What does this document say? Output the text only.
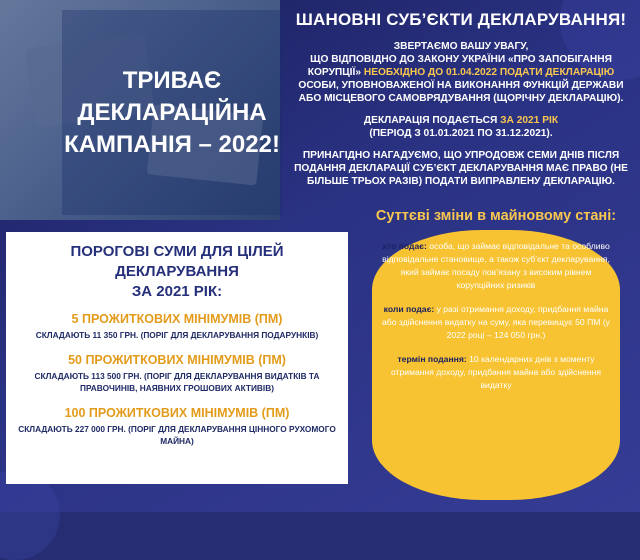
ТРИВАЄ
ДЕКЛАРАЦІЙНА
КАМПАНІЯ – 2022!
ШАНОВНІ СУБ’ЄКТИ ДЕКЛАРУВАННЯ!

ЗВЕРТАЄМО ВАШУ УВАГУ,
ЩО ВІДПОВІДНО ДО ЗАКОНУ УКРАЇНИ «ПРО ЗАПОБІГАННЯ КОРУПЦІЇ» НЕОБХІДНО ДО 01.04.2022 ПОДАТИ ДЕКЛАРАЦІЮ ОСОБИ, УПОВНОВАЖЕНОЇ НА ВИКОНАННЯ ФУНКЦІЙ ДЕРЖАВИ АБО МІСЦЕВОГО САМОВРЯДУВАННЯ (ЩОРІЧНУ ДЕКЛАРАЦІЮ).

ДЕКЛАРАЦІЯ ПОДАЄТЬСЯ ЗА 2021 РІК
(ПЕРІОД З 01.01.2021 ПО 31.12.2021).

ПРИНАГІДНО НАГАДУЄМО, ЩО УПРОДОВЖ СЕМИ ДНІВ ПІСЛЯ ПОДАННЯ ДЕКЛАРАЦІЇ СУБ’ЄКТ ДЕКЛАРУВАННЯ МАЄ ПРАВО (НЕ БІЛЬШЕ ТРЬОХ РАЗІВ) ПОДАТИ ВИПРАВЛЕНУ ДЕКЛАРАЦІЮ.

ПОРОГОВІ СУМИ ДЛЯ ЦІЛЕЙ ДЕКЛАРУВАННЯ
ЗА 2021 РІК:
5 ПРОЖИТКОВИХ МІНІМУМІВ (ПМ)
СКЛАДАЮТЬ 11 350 ГРН. (ПОРІГ ДЛЯ ДЕКЛАРУВАННЯ ПОДАРУНКІВ)
50 ПРОЖИТКОВИХ МІНІМУМІВ (ПМ)
СКЛАДАЮТЬ 113 500 ГРН. (ПОРІГ ДЛЯ ДЕКЛАРУВАННЯ ВИДАТКІВ ТА ПРАВОЧИНІВ, НАЯВНИХ ГРОШОВИХ АКТИВІВ)
100 ПРОЖИТКОВИХ МІНІМУМІВ (ПМ)
СКЛАДАЮТЬ 227 000 ГРН. (ПОРІГ ДЛЯ ДЕКЛАРУВАННЯ ЦІННОГО РУХОМОГО МАЙНА)
Суттєві зміни в майновому стані:

хто подає: особа, що займає відповідальне та особливо відповідальне становище, а також суб’єкт декларування, який займає посаду пов’язану з високим рівнем корупційних ризиків

коли подає: у разі отримання доходу, придбання майна або здійснення видатку на суму, яка перевищує 50 ПМ (у 2022 році – 124 050 грн.)

термін подання: 10 календарних днів з моменту отримання доходу, придбання майна або здійснення видатку
